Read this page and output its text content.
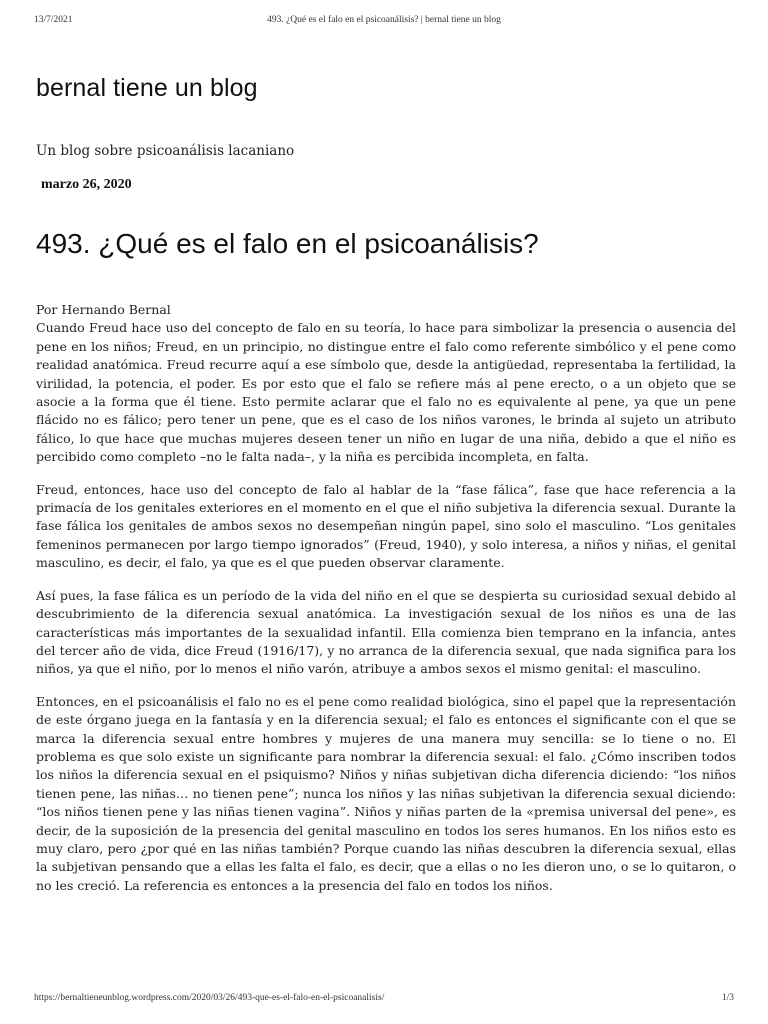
13/7/2021	493. ¿Qué es el falo en el psicoanálisis? | bernal tiene un blog
bernal tiene un blog
Un blog sobre psicoanálisis lacaniano
marzo 26, 2020
493. ¿Qué es el falo en el psicoanálisis?

Por Hernando Bernal

Cuando Freud hace uso del concepto de falo en su teoría, lo hace para simbolizar la presencia o ausencia del pene en los niños; Freud, en un principio, no distingue entre el falo como referente simbólico y el pene como realidad anatómica. Freud recurre aquí a ese símbolo que, desde la antigüedad, representaba la fertilidad, la virilidad, la potencia, el poder. Es por esto que el falo se refiere más al pene erecto, o a un objeto que se asocie a la forma que él tiene. Esto permite aclarar que el falo no es equivalente al pene, ya que un pene flácido no es fálico; pero tener un pene, que es el caso de los niños varones, le brinda al sujeto un atributo fálico, lo que hace que muchas mujeres deseen tener un niño en lugar de una niña, debido a que el niño es percibido como completo –no le falta nada–, y la niña es percibida incompleta, en falta.

Freud, entonces, hace uso del concepto de falo al hablar de la “fase fálica”, fase que hace referencia a la primacía de los genitales exteriores en el momento en el que el niño subjetiva la diferencia sexual. Durante la fase fálica los genitales de ambos sexos no desempeñan ningún papel, sino solo el masculino. “Los genitales femeninos permanecen por largo tiempo ignorados” (Freud, 1940), y solo interesa, a niños y niñas, el genital masculino, es decir, el falo, ya que es el que pueden observar claramente.

Así pues, la fase fálica es un período de la vida del niño en el que se despierta su curiosidad sexual debido al descubrimiento de la diferencia sexual anatómica. La investigación sexual de los niños es una de las características más importantes de la sexualidad infantil. Ella comienza bien temprano en la infancia, antes del tercer año de vida, dice Freud (1916/17), y no arranca de la diferencia sexual, que nada significa para los niños, ya que el niño, por lo menos el niño varón, atribuye a ambos sexos el mismo genital: el masculino.

Entonces, en el psicoanálisis el falo no es el pene como realidad biológica, sino el papel que la representación de este órgano juega en la fantasía y en la diferencia sexual; el falo es entonces el significante con el que se marca la diferencia sexual entre hombres y mujeres de una manera muy sencilla: se lo tiene o no. El problema es que solo existe un significante para nombrar la diferencia sexual: el falo. ¿Cómo inscriben todos los niños la diferencia sexual en el psiquismo? Niños y niñas subjetivan dicha diferencia diciendo: “los niños tienen pene, las niñas… no tienen pene”; nunca los niños y las niñas subjetivan la diferencia sexual diciendo: “los niños tienen pene y las niñas tienen vagina”. Niños y niñas parten de la «premisa universal del pene», es decir, de la suposición de la presencia del genital masculino en todos los seres humanos. En los niños esto es muy claro, pero ¿por qué en las niñas también? Porque cuando las niñas descubren la diferencia sexual, ellas la subjetivan pensando que a ellas les falta el falo, es decir, que a ellas o no les dieron uno, o se lo quitaron, o no les creció. La referencia es entonces a la presencia del falo en todos los niños.

https://bernaltieneunblog.wordpress.com/2020/03/26/493-que-es-el-falo-en-el-psicoanalisis/	1/3
